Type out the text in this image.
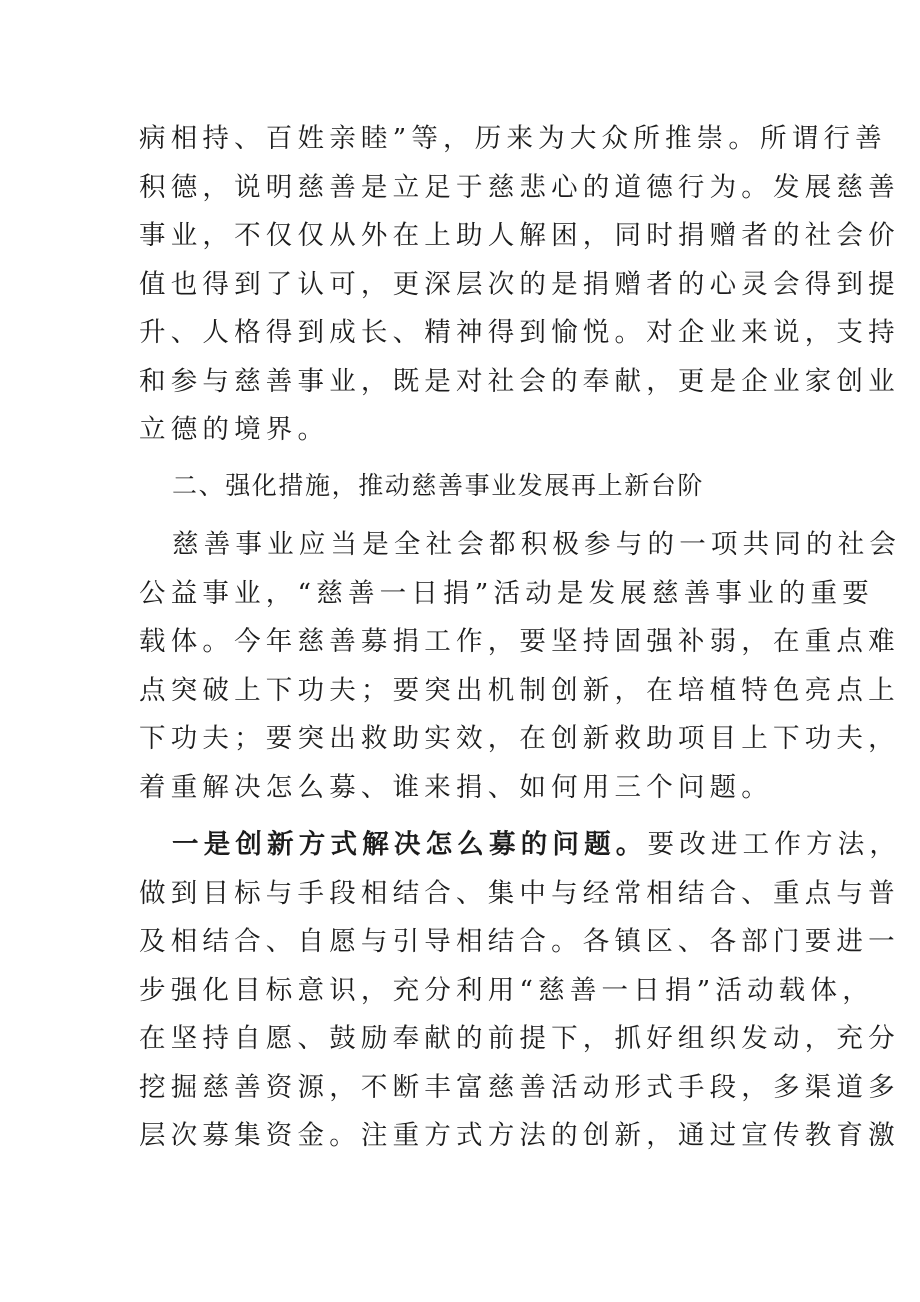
病相持、百姓亲睦”等，历来为大众所推崇。所谓行善
积德，说明慈善是立足于慈悲心的道德行为。发展慈善
事业，不仅仅从外在上助人解困，同时捐赠者的社会价
值也得到了认可，更深层次的是捐赠者的心灵会得到提
升、人格得到成长、精神得到愉悦。对企业来说，支持
和参与慈善事业，既是对社会的奉献，更是企业家创业
立德的境界。
二、强化措施，推动慈善事业发展再上新台阶
慈善事业应当是全社会都积极参与的一项共同的社会
公益事业，“慈善一日捐”活动是发展慈善事业的重要
载体。今年慈善募捐工作，要坚持固强补弱，在重点难
点突破上下功夫；要突出机制创新，在培植特色亮点上
下功夫；要突出救助实效，在创新救助项目上下功夫，
着重解决怎么募、谁来捐、如何用三个问题。
一是创新方式解决怎么募的问题。要改进工作方法，
做到目标与手段相结合、集中与经常相结合、重点与普
及相结合、自愿与引导相结合。各镇区、各部门要进一
步强化目标意识，充分利用“慈善一日捐”活动载体，
在坚持自愿、鼓励奉献的前提下，抓好组织发动，充分
挖掘慈善资源，不断丰富慈善活动形式手段，多渠道多
层次募集资金。注重方式方法的创新，通过宣传教育激
